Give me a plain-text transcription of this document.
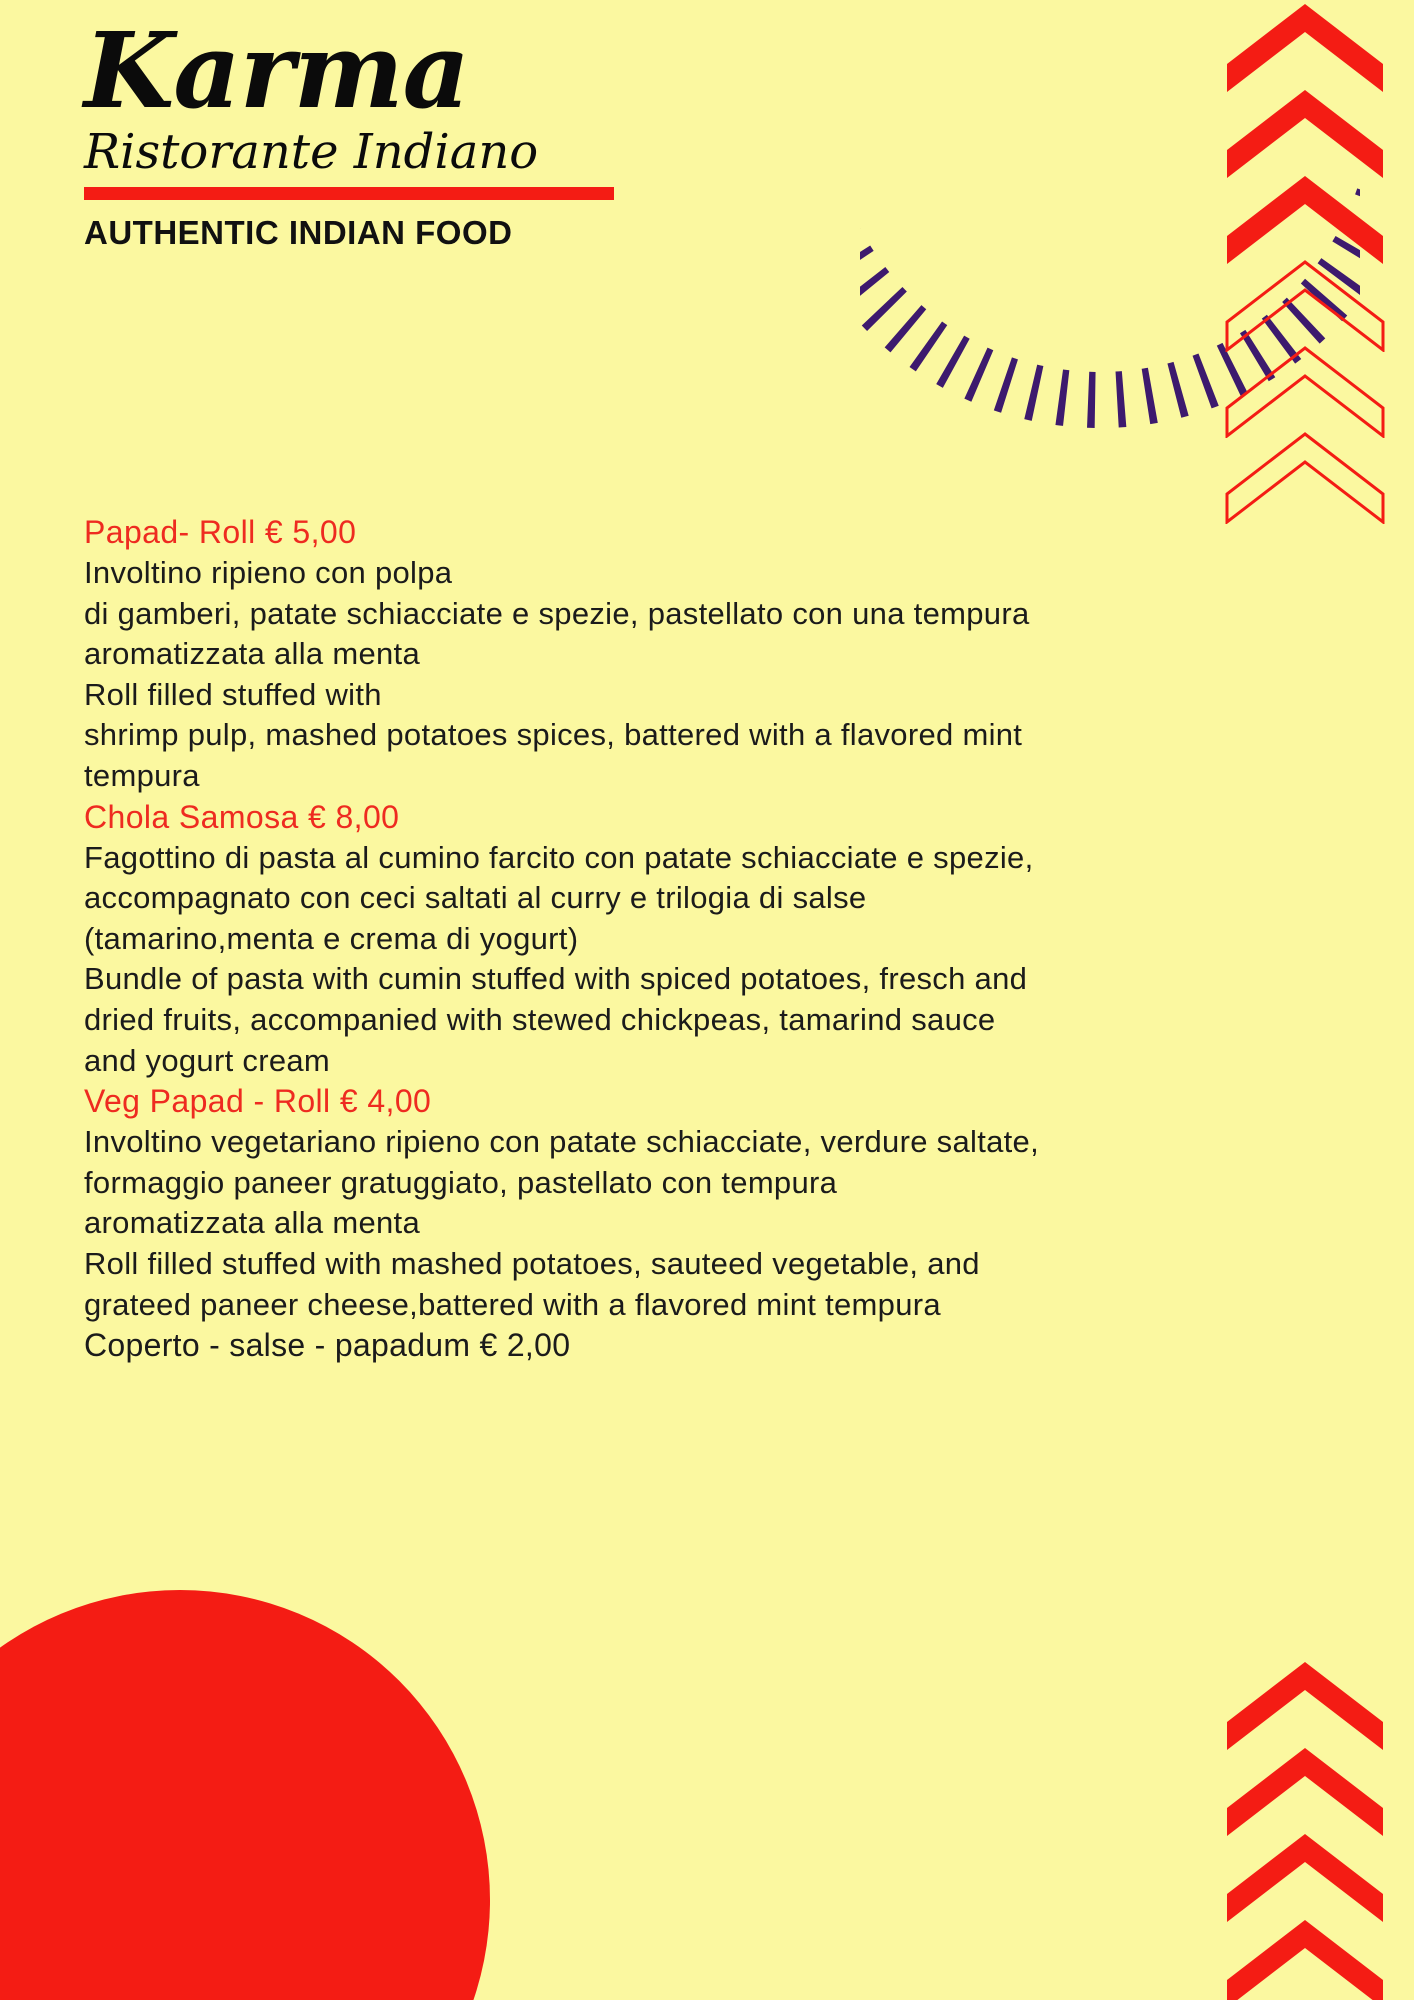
Karma
Ristorante Indiano
AUTHENTIC INDIAN FOOD
Papad- Roll € 5,00
Involtino ripieno con polpa
di gamberi, patate schiacciate e spezie, pastellato con una tempura
aromatizzata alla menta
Roll filled stuffed with
shrimp pulp, mashed potatoes spices, battered with a flavored mint
tempura
Chola Samosa € 8,00
Fagottino di pasta al cumino farcito con patate schiacciate e spezie,
accompagnato con ceci saltati al curry e trilogia di salse
(tamarino,menta e crema di yogurt)
Bundle of pasta with cumin stuffed with spiced potatoes, fresch and
dried fruits, accompanied with stewed chickpeas, tamarind sauce
and yogurt cream
Veg Papad - Roll € 4,00
Involtino vegetariano ripieno con patate schiacciate, verdure saltate,
formaggio paneer gratuggiato, pastellato con tempura
aromatizzata alla menta
Roll filled stuffed with mashed potatoes, sauteed vegetable, and
grateed paneer cheese,battered with a flavored mint tempura
Coperto - salse - papadum € 2,00
